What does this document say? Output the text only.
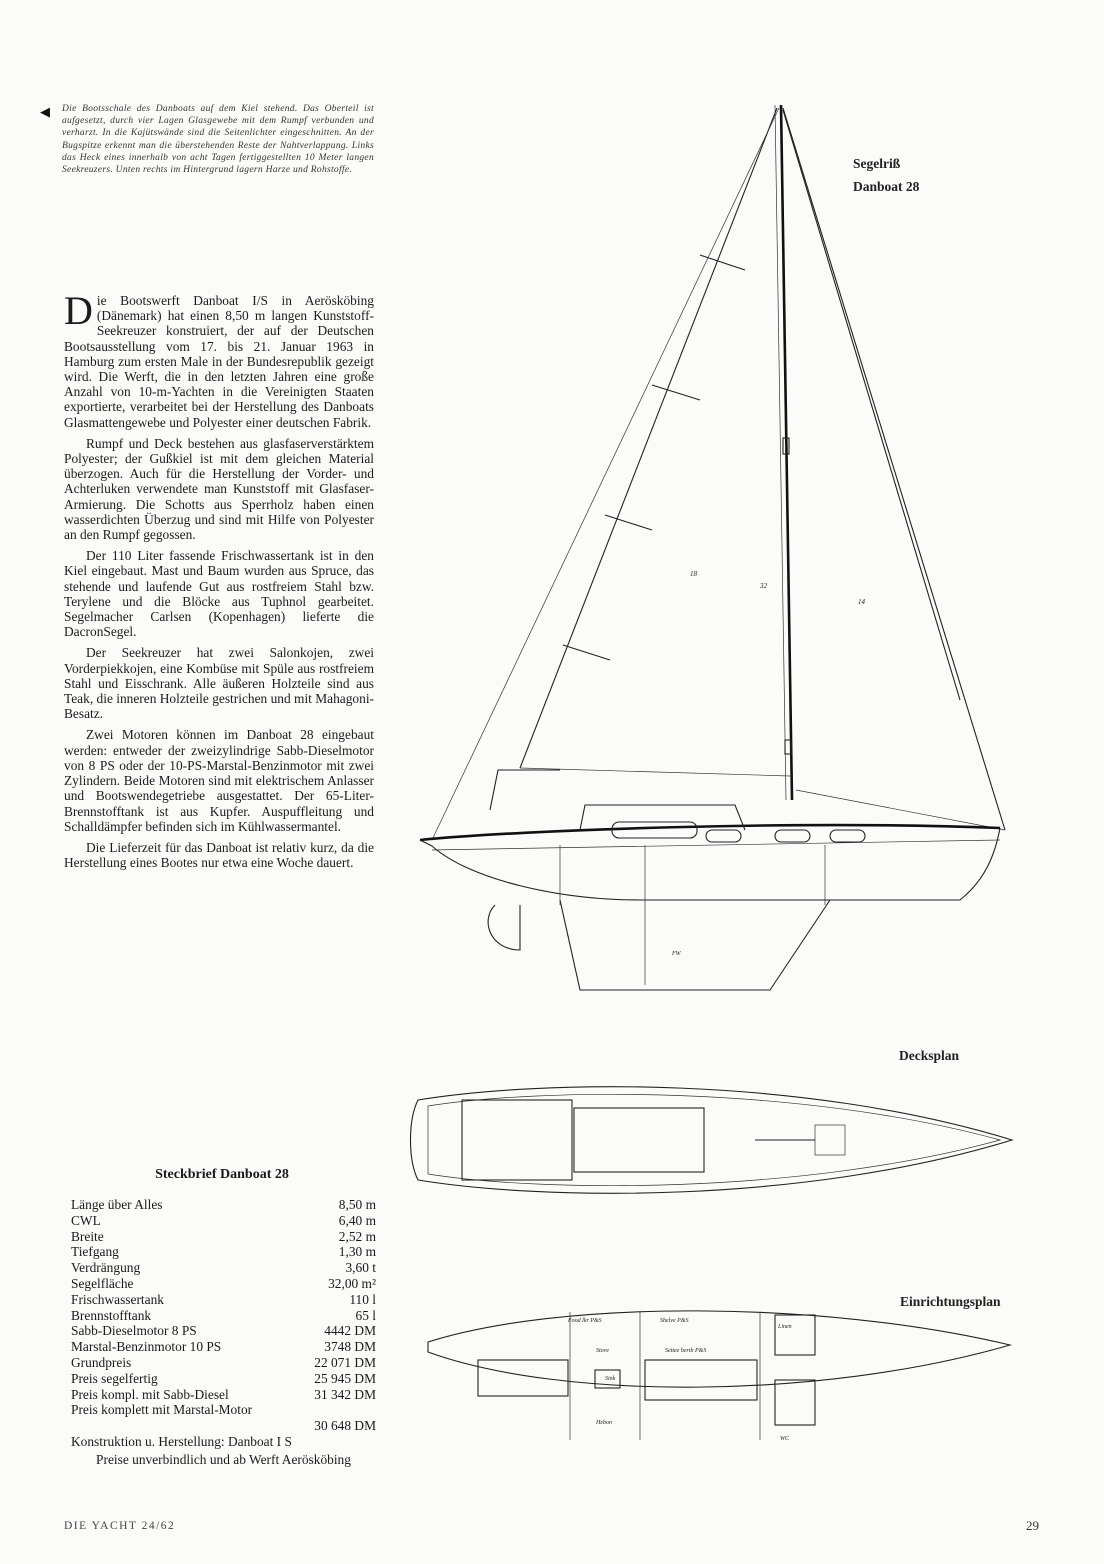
◀ Die Bootsschale des Danboats auf dem Kiel stehend. Das Oberteil ist aufgesetzt, durch vier Lagen Glasgewebe mit dem Rumpf verbunden und verharzt. In die Kajütswände sind die Seitenlichter eingeschnitten. An der Bugspitze erkennt man die überstehenden Reste der Nahtverlappung. Links das Heck eines innerhalb von acht Tagen fertiggestellten 10 Meter langen Seekreuzers. Unten rechts im Hintergrund lagern Harze und Rohstoffe.

Die Bootswerft Danboat I/S in Aerösköbing (Dänemark) hat einen 8,50 m langen Kunststoff-Seekreuzer konstruiert, der auf der Deutschen Bootsausstellung vom 17. bis 21. Januar 1963 in Hamburg zum ersten Male in der Bundesrepublik gezeigt wird. Die Werft, die in den letzten Jahren eine große Anzahl von 10-m-Yachten in die Vereinigten Staaten exportierte, verarbeitet bei der Herstellung des Danboats Glasmattengewebe und Polyester einer deutschen Fabrik.

Rumpf und Deck bestehen aus glasfaserverstärktem Polyester; der Gußkiel ist mit dem gleichen Material überzogen. Auch für die Herstellung der Vorder- und Achterluken verwendete man Kunststoff mit Glasfaser-Armierung. Die Schotts aus Sperrholz haben einen wasserdichten Überzug und sind mit Hilfe von Polyester an den Rumpf gegossen.

Der 110 Liter fassende Frischwassertank ist in den Kiel eingebaut. Mast und Baum wurden aus Spruce, das stehende und laufende Gut aus rostfreiem Stahl bzw. Terylene und die Blöcke aus Tuphnol gearbeitet. Segelmacher Carlsen (Kopenhagen) lieferte die DacronSegel.

Der Seekreuzer hat zwei Salonkojen, zwei Vorderpiekkojen, eine Kombüse mit Spüle aus rostfreiem Stahl und Eisschrank. Alle äußeren Holzteile sind aus Teak, die inneren Holzteile gestrichen und mit Mahagoni-Besatz.

Zwei Motoren können im Danboat 28 eingebaut werden: entweder der zweizylindrige Sabb-Dieselmotor von 8 PS oder der 10-PS-Marstal-Benzinmotor mit zwei Zylindern. Beide Motoren sind mit elektrischem Anlasser und Bootswendegetriebe ausgestattet. Der 65-Liter-Brennstofftank ist aus Kupfer. Auspuffleitung und Schalldämpfer befinden sich im Kühlwassermantel.

Die Lieferzeit für das Danboat ist relativ kurz, da die Herstellung eines Bootes nur etwa eine Woche dauert.

Steckbrief Danboat 28
Länge über Alles	8,50 m
CWL	6,40 m
Breite	2,52 m
Tiefgang	1,30 m
Verdrängung	3,60 t
Segelfläche	32,00 m²
Frischwassertank	110 l
Brennstofftank	65 l
Sabb-Dieselmotor 8 PS	4442 DM
Marstal-Benzinmotor 10 PS	3748 DM
Grundpreis	22 071 DM
Preis segelfertig	25 945 DM
Preis kompl. mit Sabb-Diesel	31 342 DM
Preis komplett mit Marstal-Motor
30 648 DM
Konstruktion u. Herstellung: Danboat I S
Preise unverbindlich und ab Werft Aerösköbing
Segelriß
Danboat 28
Decksplan
Einrichtungsplan
18
32
14
FW
Food lkr P&S	Shelve P&S
Linen
Stove	Settee berth P&S
Sink
Hebon
WC
DIE YACHT 24/62	29
